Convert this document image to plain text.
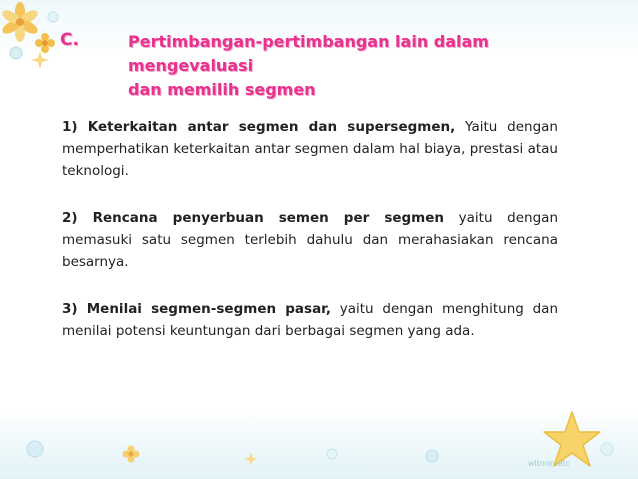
C.	Pertimbangan-pertimbangan lain dalam mengevaluasi
dan memilih segmen
1) Keterkaitan antar segmen dan supersegmen, Yaitu dengan memperhatikan keterkaitan antar segmen dalam hal biaya, prestasi atau teknologi.
2) Rencana penyerbuan semen per segmen yaitu dengan memasuki satu segmen terlebih dahulu dan merahasiakan rencana besarnya.
3) Menilai segmen-segmen pasar, yaitu dengan menghitung dan menilai potensi keuntungan dari berbagai segmen yang ada.
wltmin.etc
